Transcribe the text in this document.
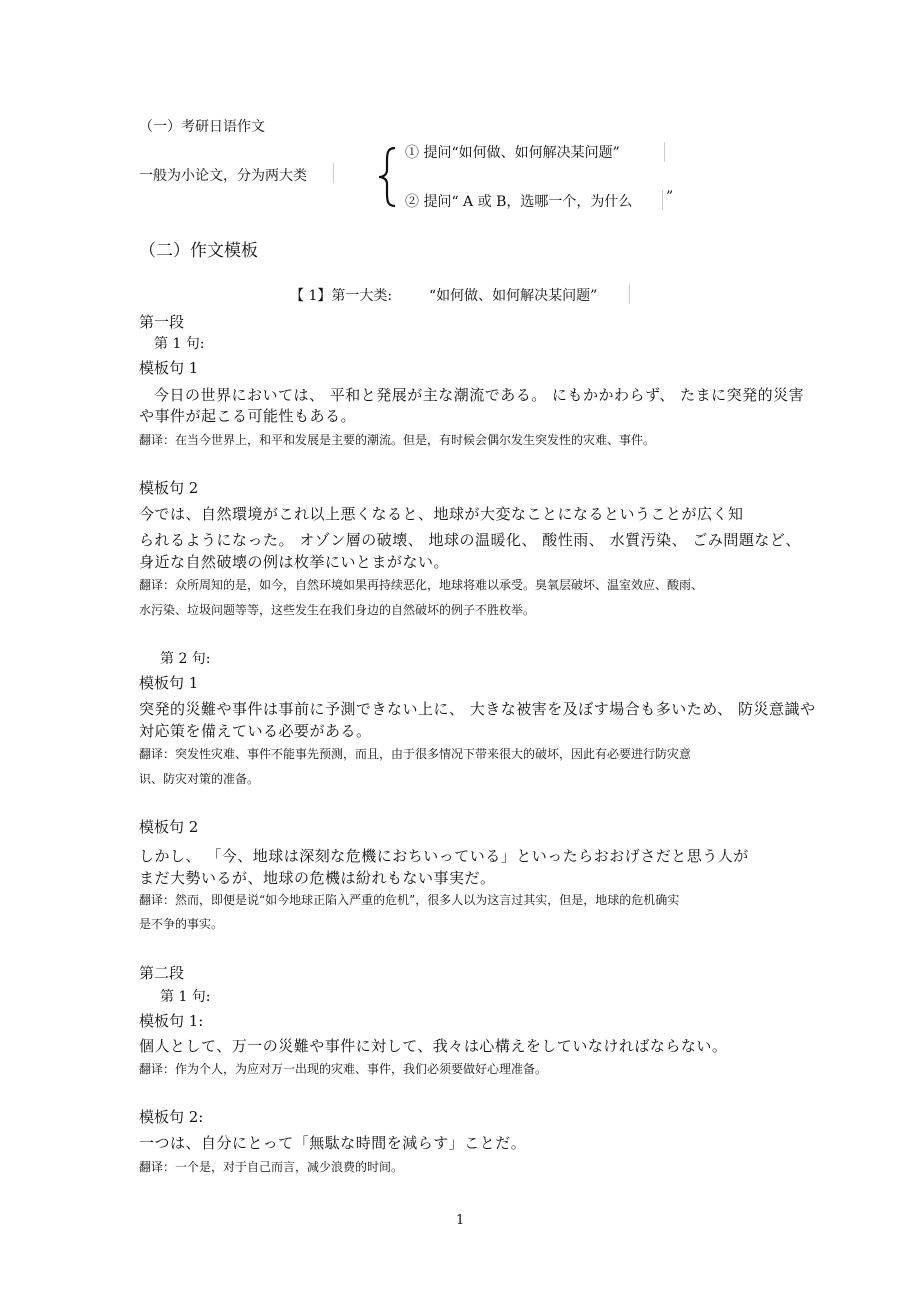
（一）考研日语作文
一般为小论文，分为两大类
① 提问“如何做、如何解决某问题”
② 提问“ A 或 B，选哪一个，为什么 ”
（二）作文模板
【 1】第一大类:	“如何做、如何解决某问题”
第一段
第 1 句:
模板句 1
今日の世界においては、 平和と発展が主な潮流である。 にもかかわらず、 たまに突発的災害
や事件が起こる可能性もある。
翻译：在当今世界上，和平和发展是主要的潮流。但是，有时候会偶尔发生突发性的灾难、事件。
模板句 2
今では、自然環境がこれ以上悪くなると、地球が大変なことになるということが広く知
られるようになった。 オゾン層の破壊、 地球の温暖化、 酸性雨、 水質汚染、 ごみ問題など、
身近な自然破壊の例は枚挙にいとまがない。
翻译：众所周知的是，如今，自然环境如果再持续恶化，地球将难以承受。臭氧层破坏、温室效应、酸雨、
水污染、垃圾问题等等，这些发生在我们身边的自然破坏的例子不胜枚举。
第 2 句:
模板句 1
突発的災難や事件は事前に予測できない上に、 大きな被害を及ぼす場合も多いため、 防災意識や
対応策を備えている必要がある。
翻译：突发性灾难、事件不能事先预测，而且，由于很多情况下带来很大的破坏，因此有必要进行防灾意
识、防灾对策的准备。
模板句 2
しかし、 「今、地球は深刻な危機におちいっている」といったらおおげさだと思う人が
まだ大勢いるが、地球の危機は紛れもない事実だ。
翻译：然而，即便是说“如今地球正陷入严重的危机”，很多人以为这言过其实，但是，地球的危机确实
是不争的事实。
第二段
第 1 句:
模板句 1:
個人として、万一の災難や事件に対して、我々は心構えをしていなければならない。
翻译：作为个人，为应对万一出现的灾难、事件，我们必须要做好心理准备。
模板句 2:
一つは、自分にとって「無駄な時間を減らす」ことだ。
翻译：一个是，对于自己而言，减少浪费的时间。
1
